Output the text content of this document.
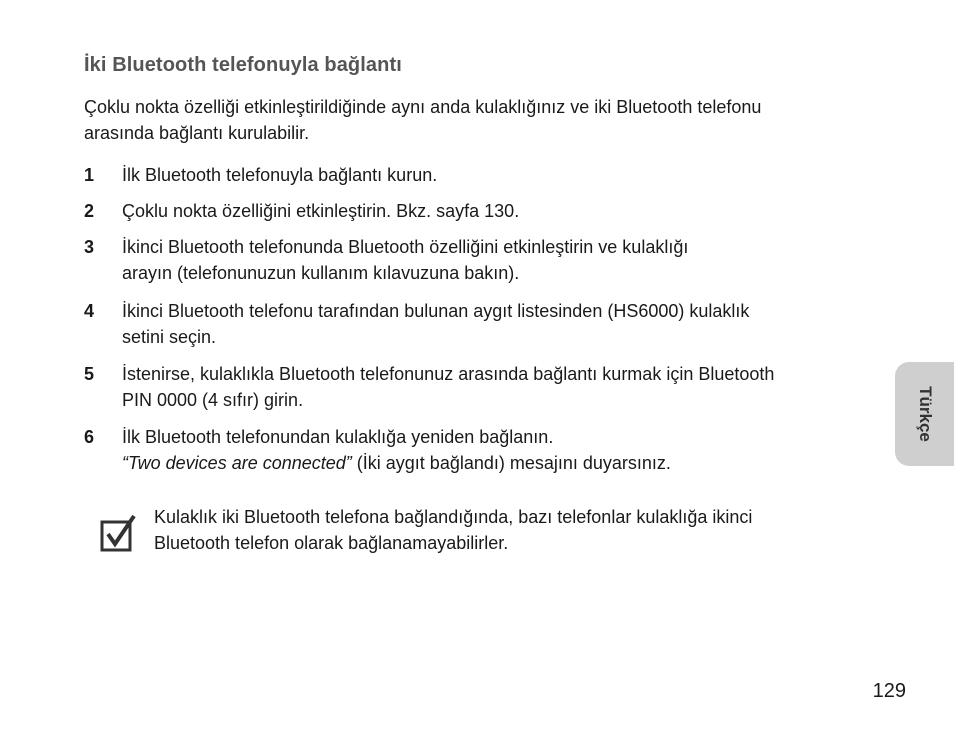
İki Bluetooth telefonuyla bağlantı
Çoklu nokta özelliği etkinleştirildiğinde aynı anda kulaklığınız ve iki Bluetooth telefonu
arasında bağlantı kurulabilir.
1	İlk Bluetooth telefonuyla bağlantı kurun.
2	Çoklu nokta özelliğini etkinleştirin. Bkz. sayfa 130.
3	İkinci Bluetooth telefonunda Bluetooth özelliğini etkinleştirin ve kulaklığı
arayın (telefonunuzun kullanım kılavuzuna bakın).
4	İkinci Bluetooth telefonu tarafından bulunan aygıt listesinden (HS6000) kulaklık
setini seçin.
5	İstenirse, kulaklıkla Bluetooth telefonunuz arasında bağlantı kurmak için Bluetooth
PIN 0000 (4 sıfır) girin.
6	İlk Bluetooth telefonundan kulaklığa yeniden bağlanın.
“Two devices are connected” (İki aygıt bağlandı) mesajını duyarsınız.
Kulaklık iki Bluetooth telefona bağlandığında, bazı telefonlar kulaklığa ikinci
Bluetooth telefon olarak bağlanamayabilirler.
Türkçe
129
